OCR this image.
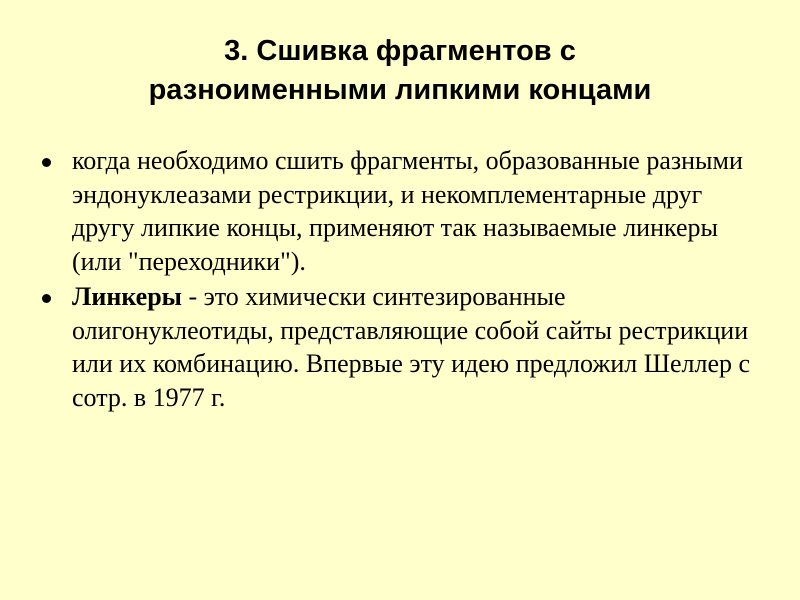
3. Сшивка фрагментов с
разноименными липкими концами
когда необходимо сшить фрагменты, образованные разными эндонуклеазами рестрикции, и некомплементарные друг другу липкие концы, применяют так называемые линкеры (или "переходники").
Линкеры - это химически синтезированные олигонуклеотиды, представляющие собой сайты рестрикции или их комбинацию. Впервые эту идею предложил Шеллер с сотр. в 1977 г.
